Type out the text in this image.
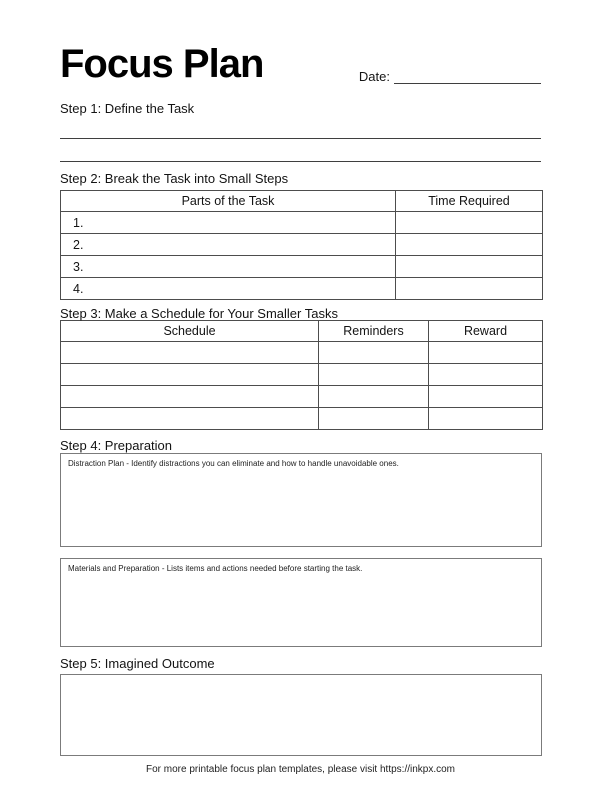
Focus Plan	Date:
Step 1: Define the Task
Step 2: Break the Task into Small Steps
Parts of the Task	Time Required
1.	
2.	
3.	
4.	
Step 3: Make a Schedule for Your Smaller Tasks
Schedule	Reminders	Reward

Step 4: Preparation
Distraction Plan - Identify distractions you can eliminate and how to handle unavoidable ones.
Materials and Preparation - Lists items and actions needed before starting the task.
Step 5: Imagined Outcome
For more printable focus plan templates, please visit https://inkpx.com
